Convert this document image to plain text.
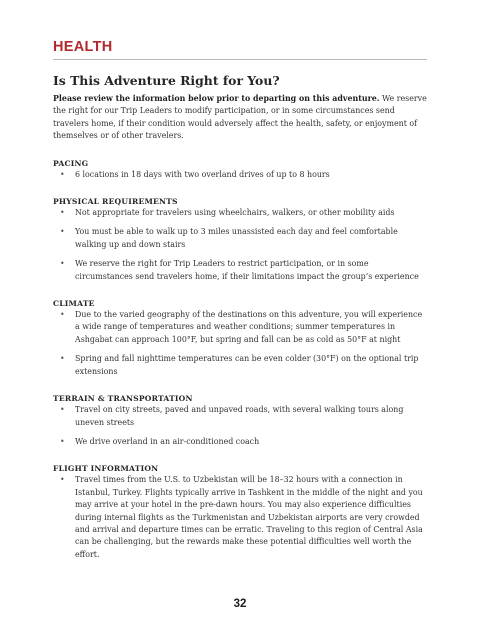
HEALTH
Is This Adventure Right for You?
Please review the information below prior to departing on this adventure. We reserve the right for our Trip Leaders to modify participation, or in some circumstances send travelers home, if their condition would adversely affect the health, safety, or enjoyment of themselves or of other travelers.
PACING
• 6 locations in 18 days with two overland drives of up to 8 hours
PHYSICAL REQUIREMENTS
• Not appropriate for travelers using wheelchairs, walkers, or other mobility aids
• You must be able to walk up to 3 miles unassisted each day and feel comfortable walking up and down stairs
• We reserve the right for Trip Leaders to restrict participation, or in some circumstances send travelers home, if their limitations impact the group’s experience
CLIMATE
• Due to the varied geography of the destinations on this adventure, you will experience a wide range of temperatures and weather conditions; summer temperatures in Ashgabat can approach 100°F, but spring and fall can be as cold as 50°F at night
• Spring and fall nighttime temperatures can be even colder (30°F) on the optional trip extensions
TERRAIN & TRANSPORTATION
• Travel on city streets, paved and unpaved roads, with several walking tours along uneven streets
• We drive overland in an air-conditioned coach
FLIGHT INFORMATION
• Travel times from the U.S. to Uzbekistan will be 18–32 hours with a connection in Istanbul, Turkey. Flights typically arrive in Tashkent in the middle of the night and you may arrive at your hotel in the pre-dawn hours. You may also experience difficulties during internal flights as the Turkmenistan and Uzbekistan airports are very crowded and arrival and departure times can be erratic. Traveling to this region of Central Asia can be challenging, but the rewards make these potential difficulties well worth the effort.
32
